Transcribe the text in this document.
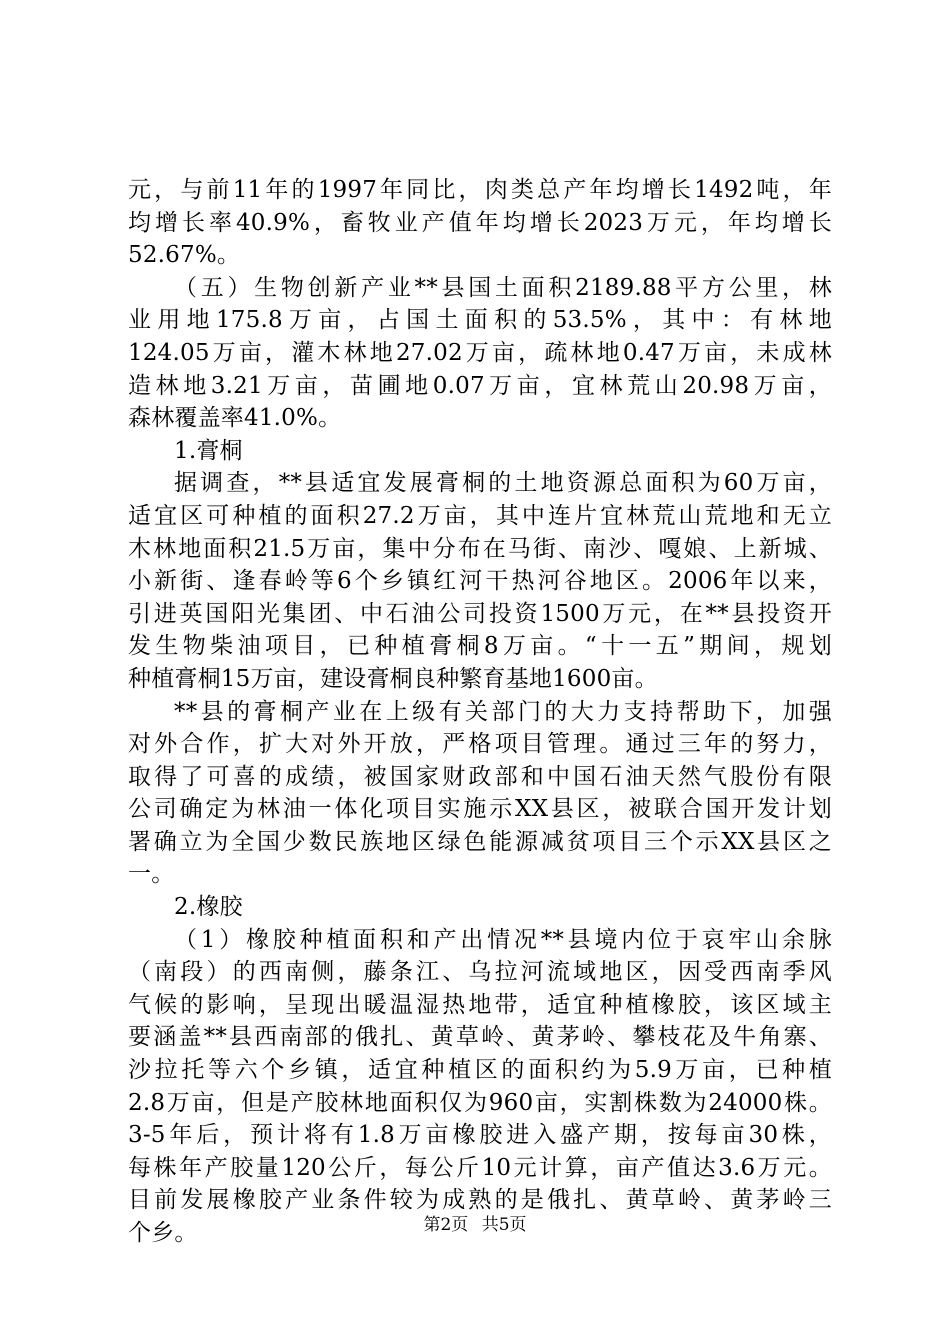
元，与前11年的1997年同比，肉类总产年均增长1492吨，年
均增长率40.9%，畜牧业产值年均增长2023万元，年均增长
52.67%。
（五）生物创新产业**县国土面积2189.88平方公里，林
业用地175.8万亩，占国土面积的53.5%，其中：有林地
124.05万亩，灌木林地27.02万亩，疏林地0.47万亩，未成林
造林地3.21万亩，苗圃地0.07万亩，宜林荒山20.98万亩，
森林覆盖率41.0%。
1.膏桐
据调查，**县适宜发展膏桐的土地资源总面积为60万亩，
适宜区可种植的面积27.2万亩，其中连片宜林荒山荒地和无立
木林地面积21.5万亩，集中分布在马街、南沙、嘎娘、上新城、
小新街、逢春岭等6个乡镇红河干热河谷地区。2006年以来，
引进英国阳光集团、中石油公司投资1500万元，在**县投资开
发生物柴油项目，已种植膏桐8万亩。“十一五”期间，规划
种植膏桐15万亩，建设膏桐良种繁育基地1600亩。
**县的膏桐产业在上级有关部门的大力支持帮助下，加强
对外合作，扩大对外开放，严格项目管理。通过三年的努力，
取得了可喜的成绩，被国家财政部和中国石油天然气股份有限
公司确定为林油一体化项目实施示XX县区，被联合国开发计划
署确立为全国少数民族地区绿色能源减贫项目三个示XX县区之
一。
2.橡胶
（1）橡胶种植面积和产出情况**县境内位于哀牢山余脉
（南段）的西南侧，藤条江、乌拉河流域地区，因受西南季风
气候的影响，呈现出暖温湿热地带，适宜种植橡胶，该区域主
要涵盖**县西南部的俄扎、黄草岭、黄茅岭、攀枝花及牛角寨、
沙拉托等六个乡镇，适宜种植区的面积约为5.9万亩，已种植
2.8万亩，但是产胶林地面积仅为960亩，实割株数为24000株。
3-5年后，预计将有1.8万亩橡胶进入盛产期，按每亩30株，
每株年产胶量120公斤，每公斤10元计算，亩产值达3.6万元。
目前发展橡胶产业条件较为成熟的是俄扎、黄草岭、黄茅岭三
个乡。	第2页 共5页
